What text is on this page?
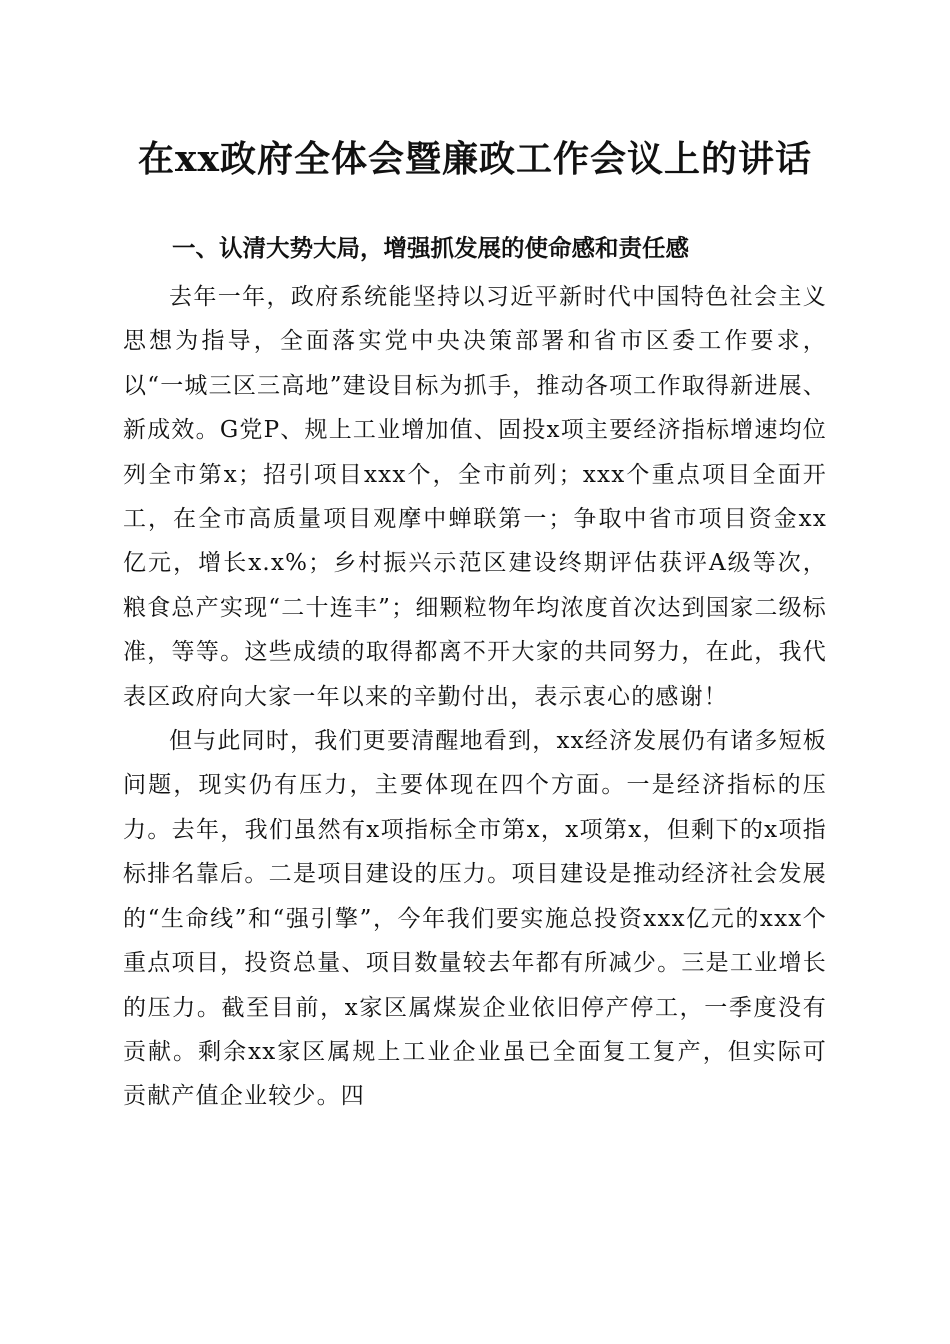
在xx政府全体会暨廉政工作会议上的讲话
一、认清大势大局，增强抓发展的使命感和责任感

去年一年，政府系统能坚持以习近平新时代中国特色社会主义思想为指导，全面落实党中央决策部署和省市区委工作要求，以“一城三区三高地”建设目标为抓手，推动各项工作取得新进展、新成效。G党P、规上工业增加值、固投x项主要经济指标增速均位列全市第x；招引项目xxx个，全市前列；xxx个重点项目全面开工，在全市高质量项目观摩中蝉联第一；争取中省市项目资金xx亿元，增长x.x%；乡村振兴示范区建设终期评估获评A级等次，粮食总产实现“二十连丰”；细颗粒物年均浓度首次达到国家二级标准，等等。这些成绩的取得都离不开大家的共同努力，在此，我代表区政府向大家一年以来的辛勤付出，表示衷心的感谢！

但与此同时，我们更要清醒地看到，xx经济发展仍有诸多短板问题，现实仍有压力，主要体现在四个方面。一是经济指标的压力。去年，我们虽然有x项指标全市第x，x项第x，但剩下的x项指标排名靠后。二是项目建设的压力。项目建设是推动经济社会发展的“生命线”和“强引擎”，今年我们要实施总投资xxx亿元的xxx个重点项目，投资总量、项目数量较去年都有所减少。三是工业增长的压力。截至目前，x家区属煤炭企业依旧停产停工，一季度没有贡献。剩余xx家区属规上工业企业虽已全面复工复产，但实际可贡献产值企业较少。四
